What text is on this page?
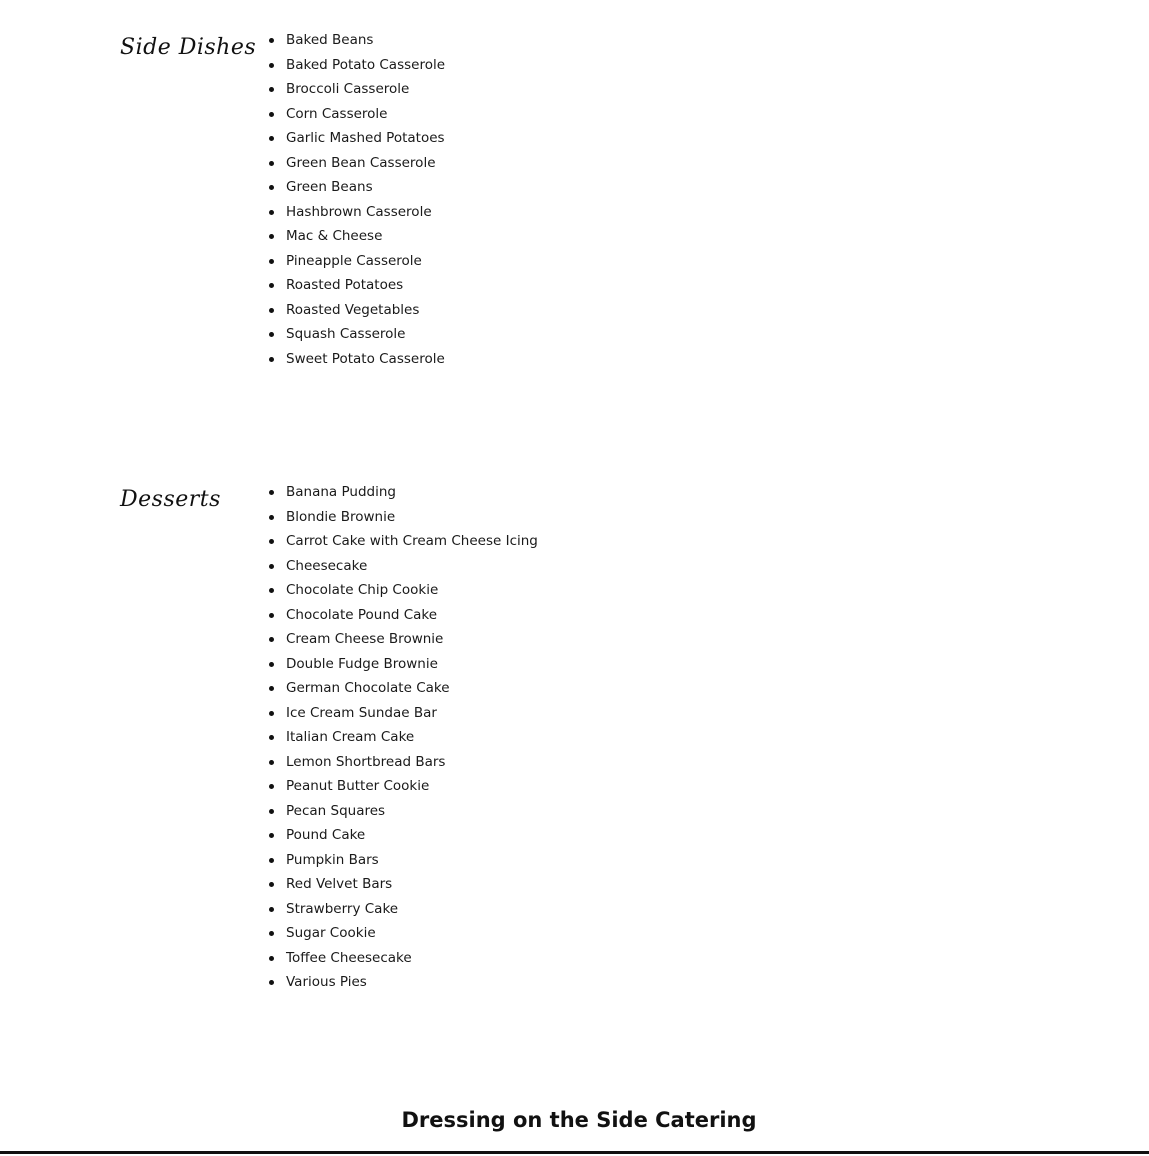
Side Dishes Baked Beans
Baked Potato Casserole
Broccoli Casserole
Corn Casserole
Garlic Mashed Potatoes
Green Bean Casserole
Green Beans
Hashbrown Casserole
Mac & Cheese
Pineapple Casserole
Roasted Potatoes
Roasted Vegetables
Squash Casserole
Sweet Potato Casserole
Desserts	Banana Pudding
Blondie Brownie
Carrot Cake with Cream Cheese Icing
Cheesecake
Chocolate Chip Cookie
Chocolate Pound Cake
Cream Cheese Brownie
Double Fudge Brownie
German Chocolate Cake
Ice Cream Sundae Bar
Italian Cream Cake
Lemon Shortbread Bars
Peanut Butter Cookie
Pecan Squares
Pound Cake
Pumpkin Bars
Red Velvet Bars
Strawberry Cake
Sugar Cookie
Toffee Cheesecake
Various Pies
Dressing on the Side Catering
